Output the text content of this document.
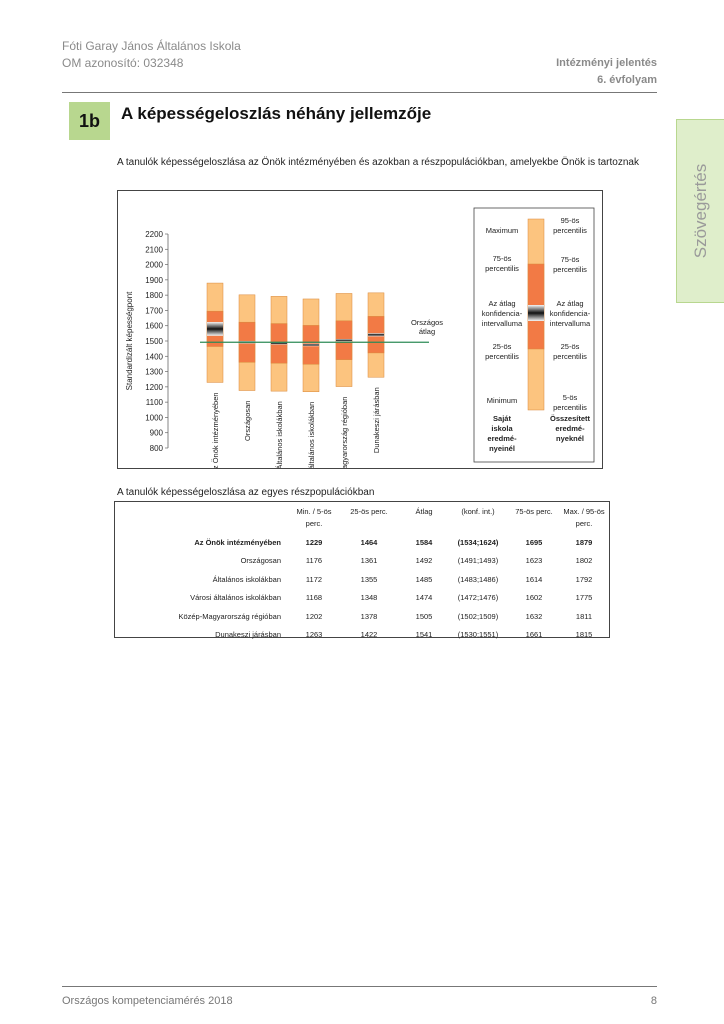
Fóti Garay János Általános Iskola
OM azonosító: 032348	Intézményi jelentés
6. évfolyam
1b	A képességeloszlás néhány jellemzője
Szövegértés
A tanulók képességeloszlása az Önök intézményében és azokban a részpopulációkban, amelyekbe Önök is tartoznak
800
900
1000
1100
1200
1300
1400
1500
1600
1700
1800
1900
2000
2100
2200
Standardizált képességpont
Az Önök intézményében	Országosan	Általános iskolákban	Városi általános iskolákban	Közép-Magyarország régióban	Dunakeszi járásban
Országos
átlag
Maximum
75-ös
percentilis
Az átlag
konfidencia-
intervalluma
25-ös
percentilis
Minimum
95-ös
percentilis
75-ös
percentilis
Az átlag
konfidencia-
intervalluma
25-ös
percentilis
5-ös
percentilis
Saját
iskola
eredmé-
nyeinél
Összesített
eredmé-
nyeknél
A tanulók képességeloszlása az egyes részpopulációkban
	Min. / 5-ös perc.	25-ös perc.	Átlag	(konf. int.)	75-ös perc.	Max. / 95-ös perc.
Az Önök intézményében	1229	1464	1584	(1534;1624)	1695	1879
Országosan	1176	1361	1492	(1491;1493)	1623	1802
Általános iskolákban	1172	1355	1485	(1483;1486)	1614	1792
Városi általános iskolákban	1168	1348	1474	(1472;1476)	1602	1775
Közép-Magyarország régióban	1202	1378	1505	(1502;1509)	1632	1811
Dunakeszi járásban	1263	1422	1541	(1530;1551)	1661	1815
Országos kompetenciamérés 2018	8
